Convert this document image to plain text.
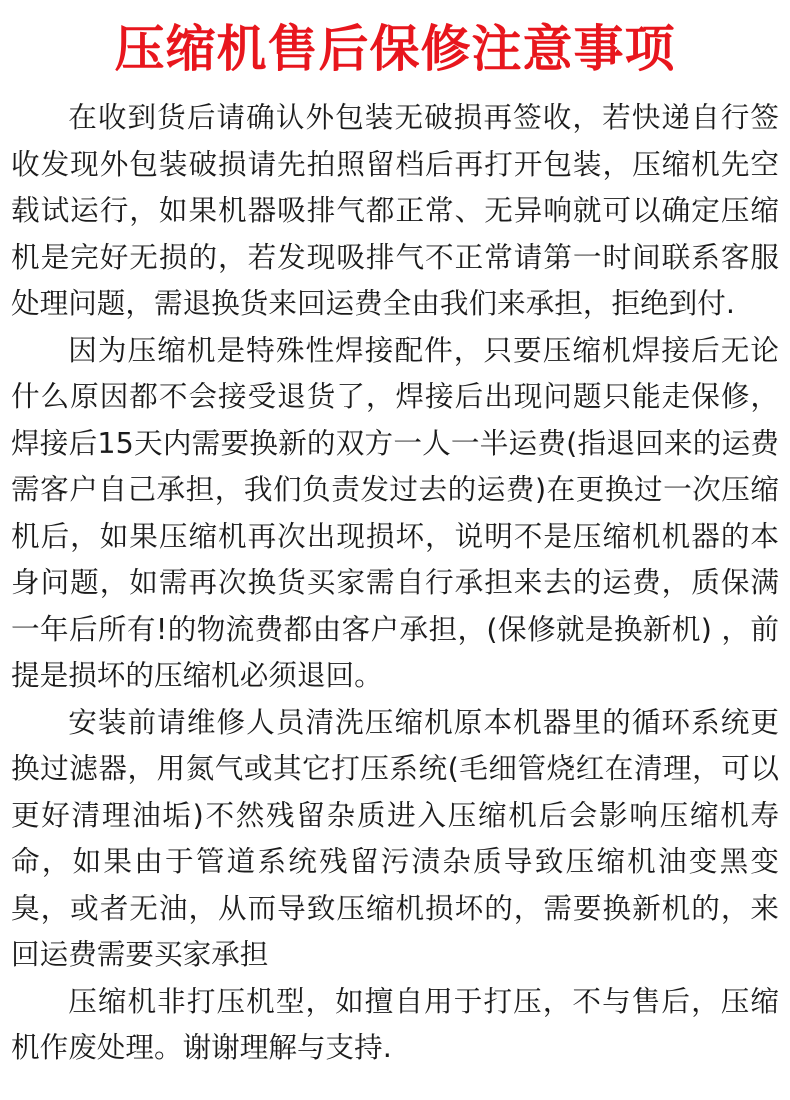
压缩机售后保修注意事项

在收到货后请确认外包装无破损再签收，若快递自行签收发现外包装破损请先拍照留档后再打开包装，压缩机先空载试运行，如果机器吸排气都正常、无异响就可以确定压缩机是完好无损的，若发现吸排气不正常请第一时间联系客服处理问题，需退换货来回运费全由我们来承担，拒绝到付.

因为压缩机是特殊性焊接配件，只要压缩机焊接后无论什么原因都不会接受退货了，焊接后出现问题只能走保修，焊接后15天内需要换新的双方一人一半运费(指退回来的运费需客户自己承担，我们负责发过去的运费)在更换过一次压缩机后，如果压缩机再次出现损坏，说明不是压缩机机器的本身问题，如需再次换货买家需自行承担来去的运费，质保满一年后所有!的物流费都由客户承担，(保修就是换新机) ，前提是损坏的压缩机必须退回。

安装前请维修人员清洗压缩机原本机器里的循环系统更换过滤器，用氮气或其它打压系统(毛细管烧红在清理，可以更好清理油垢)不然残留杂质进入压缩机后会影响压缩机寿命，如果由于管道系统残留污渍杂质导致压缩机油变黑变臭，或者无油，从而导致压缩机损坏的，需要换新机的，来回运费需要买家承担

压缩机非打压机型，如擅自用于打压，不与售后，压缩机作废处理。谢谢理解与支持.
